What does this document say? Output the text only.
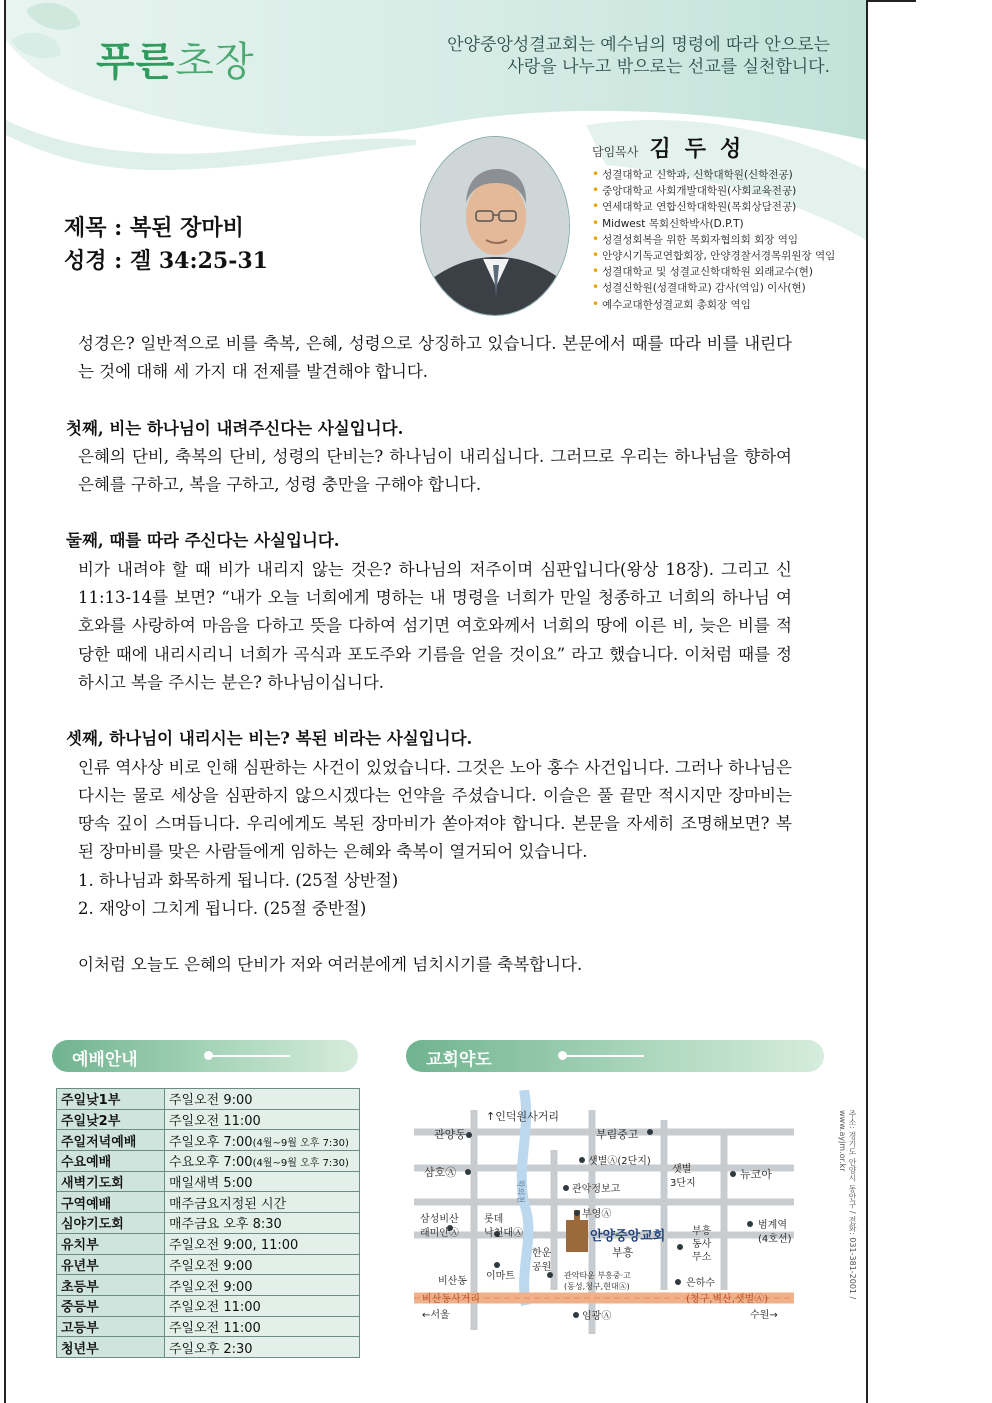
푸른초장	안양중앙성결교회는 예수님의 명령에 따라 안으로는
사랑을 나누고 밖으로는 선교를 실천합니다.
담임목사 김두성
• 성결대학교 신학과, 신학대학원(신학전공)
• 중앙대학교 사회개발대학원(사회교육전공)
• 연세대학교 연합신학대학원(목회상담전공)
• Midwest 목회신학박사(D.P.T)
• 성결성회복을 위한 목회자협의회 회장 역임
• 안양시기독교연합회장, 안양경찰서경목위원장 역임
• 성결대학교 및 성결교신학대학원 외래교수(현)
• 성결신학원(성결대학교) 감사(역임) 이사(현)
• 예수교대한성결교회 총회장 역임
제목 : 복된 장마비
성경 : 겔 34:25-31

성경은? 일반적으로 비를 축복, 은혜, 성령으로 상징하고 있습니다. 본문에서 때를 따라 비를 내린다는 것에 대해 세 가지 대 전제를 발견해야 합니다.

첫째, 비는 하나님이 내려주신다는 사실입니다.

은혜의 단비, 축복의 단비, 성령의 단비는? 하나님이 내리십니다. 그러므로 우리는 하나님을 향하여 은혜를 구하고, 복을 구하고, 성령 충만을 구해야 합니다.

둘째, 때를 따라 주신다는 사실입니다.

비가 내려야 할 때 비가 내리지 않는 것은? 하나님의 저주이며 심판입니다(왕상 18장). 그리고 신 11:13-14를 보면? “내가 오늘 너희에게 명하는 내 명령을 너희가 만일 청종하고 너희의 하나님 여호와를 사랑하여 마음을 다하고 뜻을 다하여 섬기면 여호와께서 너희의 땅에 이른 비, 늦은 비를 적당한 때에 내리시리니 너희가 곡식과 포도주와 기름을 얻을 것이요” 라고 했습니다. 이처럼 때를 정하시고 복을 주시는 분은? 하나님이십니다.

셋째, 하나님이 내리시는 비는? 복된 비라는 사실입니다.

인류 역사상 비로 인해 심판하는 사건이 있었습니다. 그것은 노아 홍수 사건입니다. 그러나 하나님은 다시는 물로 세상을 심판하지 않으시겠다는 언약을 주셨습니다. 이슬은 풀 끝만 적시지만 장마비는 땅속 깊이 스며듭니다. 우리에게도 복된 장마비가 쏟아져야 합니다. 본문을 자세히 조명해보면? 복된 장마비를 맞은 사람들에게 임하는 은혜와 축복이 열거되어 있습니다.

1. 하나님과 화목하게 됩니다. (25절 상반절)

2. 재앙이 그치게 됩니다. (25절 중반절)

이처럼 오늘도 은혜의 단비가 저와 여러분에게 넘치시기를 축복합니다.

예배안내
주일낮1부	주일오전 9:00
주일낮2부	주일오전 11:00
주일저녁예배	주일오후 7:00(4월~9월 오후 7:30)
수요예배	수요오후 7:00(4월~9월 오후 7:30)
새벽기도회	매일새벽 5:00
구역예배	매주금요지정된 시간
심야기도회	매주금요 오후 8:30
유치부	주일오전 9:00, 11:00
유년부	주일오전 9:00
초등부	주일오전 9:00
중등부	주일오전 11:00
고등부	주일오전 11:00
청년부	주일오후 2:30
교회약도
관양동
↑인덕원사거리
부림중고
삼호Ⓐ
샛별Ⓐ(2단지)
샛별
3단지
뉴코아
관악정보고
삼성비산
래미안Ⓐ
롯데
낙천대Ⓐ
부영Ⓐ
안양중앙교회
부흥
부흥
동사
무소
범계역
(4호선)
한운
공원
비산동 이마트	관악타운 부흥중·고
(동성,청구,현대Ⓐ)	은하수
비산동사거리	(청구,벽산,샛별Ⓐ)
←서울	임광Ⓐ	수원→
학의천	주소: 경기도 안양시 동안구 / 전화: 031-381-2001 / www.ayjm.or.kr
